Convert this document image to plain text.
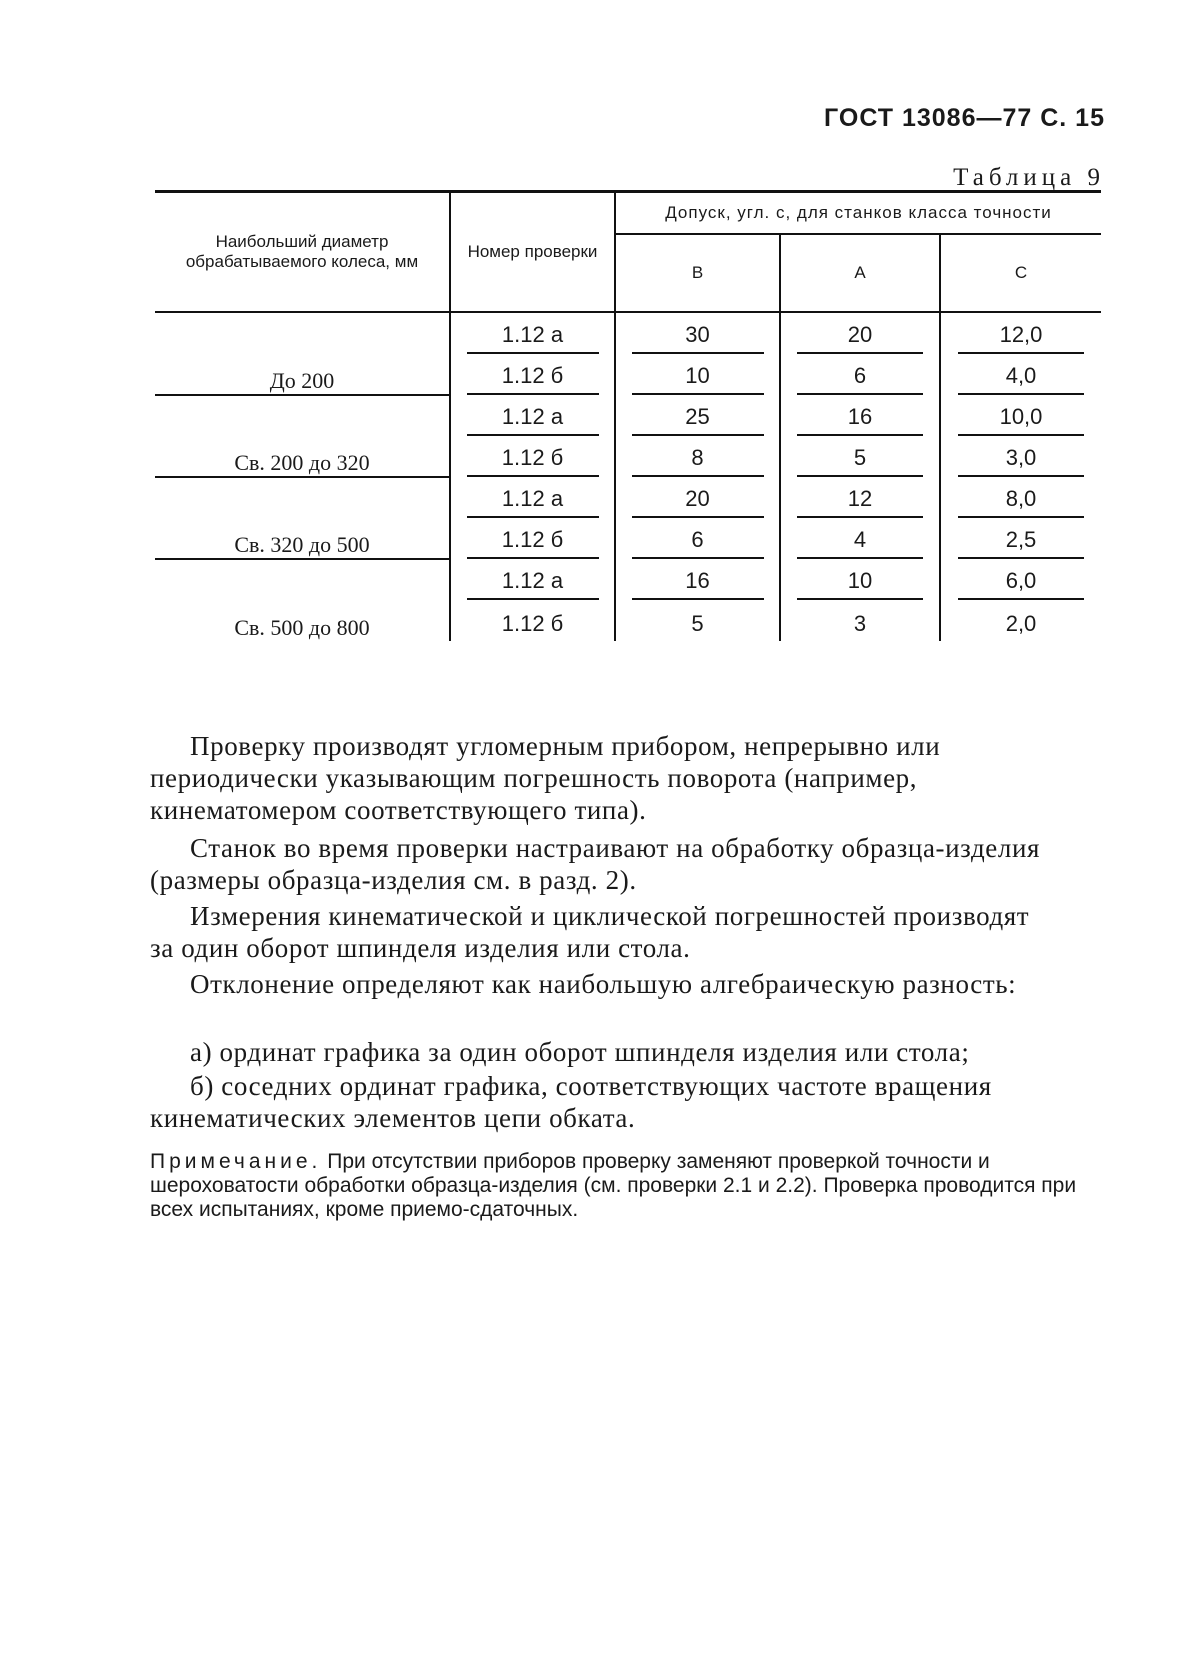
ГОСТ 13086—77 С. 15
Таблица 9
Наибольший диаметр обрабатываемого колеса, мм	Номер проверки	Допуск, угл. с, для станков класса точности		
		В	А	С
До 200	1.12 а	30	20	12,0
	1.12 б	10	6	4,0
Св. 200 до 320	1.12 а	25	16	10,0
	1.12 б	8	5	3,0
Св. 320 до 500	1.12 а	20	12	8,0
	1.12 б	6	4	2,5
Св. 500 до 800	1.12 а	16	10	6,0
	1.12 б	5	3	2,0
Проверку производят угломерным прибором, непрерывно или периодически указывающим погрешность поворота (например, кинематомером соответствующего типа).
Станок во время проверки настраивают на обработку образца-изделия (размеры образца-изделия см. в разд. 2).
Измерения кинематической и циклической погрешностей производят за один оборот шпинделя изделия или стола.
Отклонение определяют как наибольшую алгебраическую разность:
а) ординат графика за один оборот шпинделя изделия или стола;
б) соседних ординат графика, соответствующих частоте вращения кинематических элементов цепи обката.
Примечание. При отсутствии приборов проверку заменяют проверкой точности и шероховатости обработки образца-изделия (см. проверки 2.1 и 2.2). Проверка проводится при всех испытаниях, кроме приемо-сдаточных.
